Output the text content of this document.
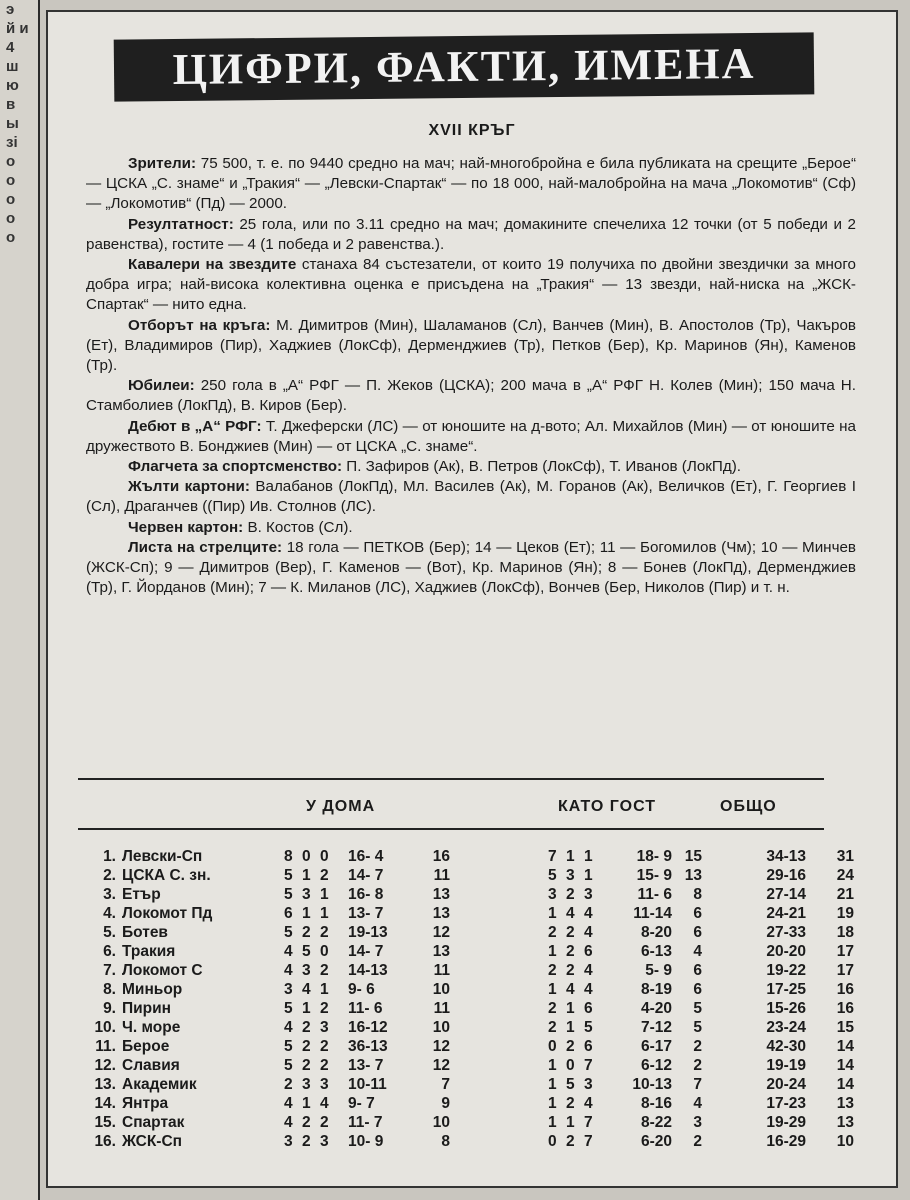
э
й и
4
ш
ю
в
ы
зі
о
о
о
о
о
ЦИФРИ, ФАКТИ, ИМЕНА
XVII КРЪГ

Зрители: 75 500, т. е. по 9440 средно на мач; най-многобройна е била публиката на срещите „Берое“ — ЦСКА „С. знаме“ и „Тракия“ — „Левски-Спартак“ — по 18 000, най-малобройна на мача „Локомотив“ (Сф) — „Локомотив“ (Пд) — 2000.

Резултатност: 25 гола, или по 3.11 средно на мач; домакините спечелиха 12 точки (от 5 победи и 2 равенства), гостите — 4 (1 победа и 2 равенства.).

Кавалери на звездите станаха 84 състезатели, от които 19 получиха по двойни звездички за много добра игра; най-висока колективна оценка е присъдена на „Тракия“ — 13 звезди, най-ниска на „ЖСК-Спартак“ — нито една.

Отборът на кръга: М. Димитров (Мин), Шаламанов (Сл), Ванчев (Мин), В. Апостолов (Тр), Чакъров (Ет), Владимиров (Пир), Хаджиев (ЛокСф), Дерменджиев (Тр), Петков (Бер), Кр. Маринов (Ян), Каменов (Тр).

Юбилеи: 250 гола в „А“ РФГ — П. Жеков (ЦСКА); 200 мача в „А“ РФГ Н. Колев (Мин); 150 мача Н. Стамболиев (ЛокПд), В. Киров (Бер).

Дебют в „А“ РФГ: Т. Джеферски (ЛС) — от юношите на д-вото; Ал. Михайлов (Мин) — от юношите на дружеството В. Бонджиев (Мин) — от ЦСКА „С. знаме“.

Флагчета за спортсменство: П. Зафиров (Ак), В. Петров (ЛокСф), Т. Иванов (ЛокПд).

Жълти картони: Валабанов (ЛокПд), Мл. Василев (Ак), М. Горанов (Ак), Величков (Ет), Г. Георгиев I (Сл), Драганчев ((Пир) Ив. Столнов (ЛС).

Червен картон: В. Костов (Сл).

Листа на стрелците: 18 гола — ПЕТКОВ (Бер); 14 — Цеков (Ет); 11 — Богомилов (Чм); 10 — Минчев (ЖСК-Сп); 9 — Димитров (Вер), Г. Каменов — (Вот), Кр. Маринов (Ян); 8 — Бонев (ЛокПд), Дерменджиев (Тр), Г. Йорданов (Мин); 7 — К. Миланов (ЛС), Хаджиев (ЛокСф), Вончев (Бер, Николов (Пир) и т. н.

У ДОМА	КАТО ГОСТ	ОБЩО
1. Левски-Сп	8 0 0 16- 4	16	7 1 1	18- 9 15	34-13	31
2. ЦСКА С. зн.	5 1 2 14- 7	11	5 3 1	15- 9 13	29-16	24
3. Етър	5 3 1 16- 8	13	3 2 3	11- 6	8	27-14	21
4. Локомот Пд	6 1 1 13- 7	13	1 4 4	11-14	6	24-21	19
5. Ботев	5 2 2 19-13	12	2 2 4	8-20	6	27-33	18
6. Тракия	4 5 0 14- 7	13	1 2 6	6-13	4	20-20	17
7. Локомот С	4 3 2 14-13	11	2 2 4	5- 9	6	19-22	17
8. Миньор	3 4 1 9- 6	10	1 4 4	8-19	6	17-25	16
9. Пирин	5 1 2 11- 6	11	2 1 6	4-20	5	15-26	16
10. Ч. море	4 2 3 16-12	10	2 1 5	7-12	5	23-24	15
11. Берое	5 2 2 36-13	12	0 2 6	6-17	2	42-30	14
12. Славия	5 2 2 13- 7	12	1 0 7	6-12	2	19-19	14
13. Академик	2 3 3 10-11	7	1 5 3	10-13	7	20-24	14
14. Янтра	4 1 4 9- 7	9	1 2 4	8-16	4	17-23	13
15. Спартак	4 2 2 11- 7	10	1 1 7	8-22	3	19-29	13
16. ЖСК-Сп	3 2 3 10- 9	8	0 2 7	6-20	2	16-29	10
